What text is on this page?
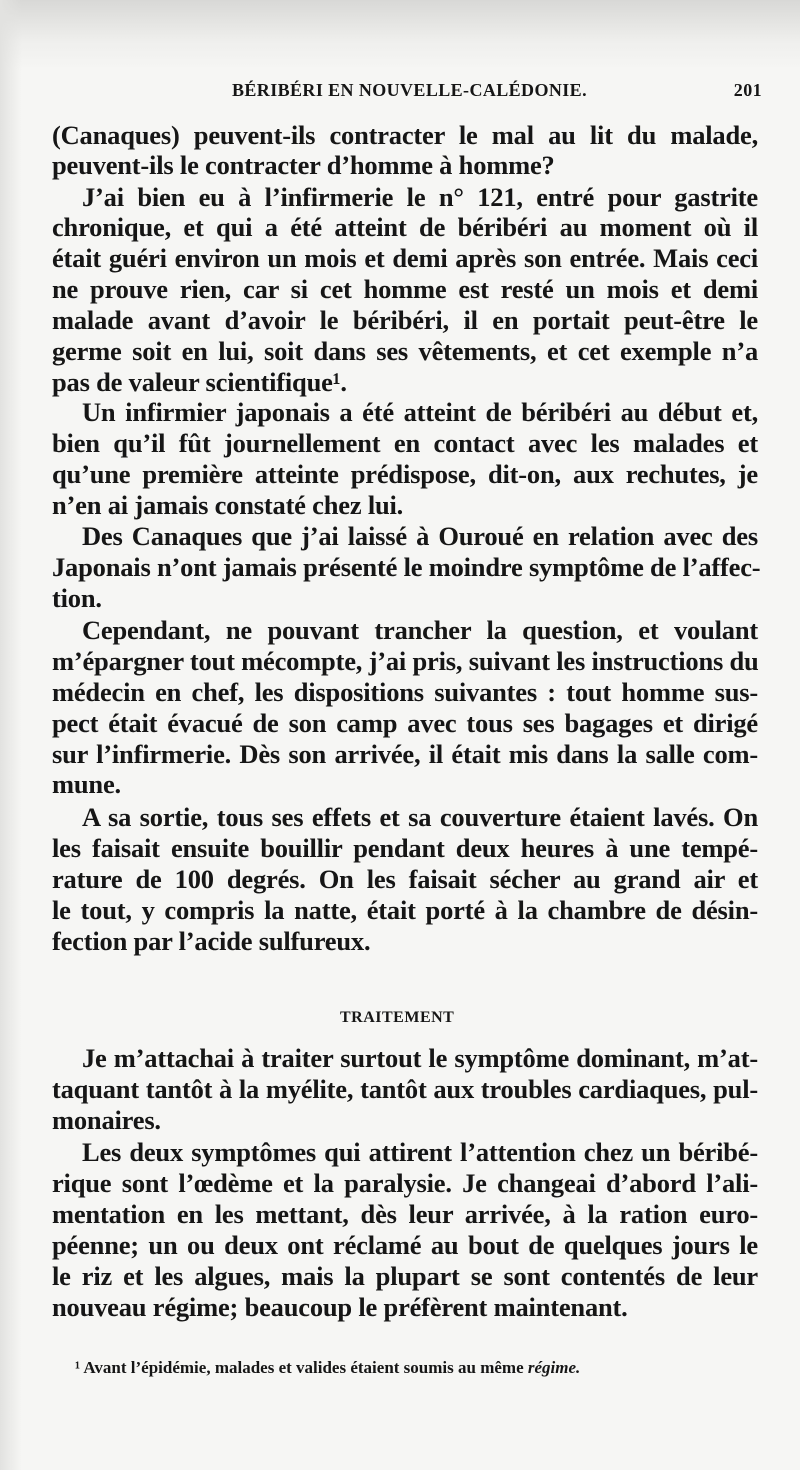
BÉRIBÉRI EN NOUVELLE-CALÉDONIE.	201
(Canaques) peuvent-ils contracter le mal au lit du malade,
peuvent-ils le contracter d’homme à homme?
J’ai bien eu à l’infirmerie le n° 121, entré pour gastrite
chronique, et qui a été atteint de béribéri au moment où il
était guéri environ un mois et demi après son entrée. Mais ceci
ne prouve rien, car si cet homme est resté un mois et demi
malade avant d’avoir le béribéri, il en portait peut-être le
germe soit en lui, soit dans ses vêtements, et cet exemple n’a
pas de valeur scientifique¹.
Un infirmier japonais a été atteint de béribéri au début et,
bien qu’il fût journellement en contact avec les malades et
qu’une première atteinte prédispose, dit-on, aux rechutes, je
n’en ai jamais constaté chez lui.
Des Canaques que j’ai laissé à Ouroué en relation avec des
Japonais n’ont jamais présenté le moindre symptôme de l’affec-
tion.
Cependant, ne pouvant trancher la question, et voulant
m’épargner tout mécompte, j’ai pris, suivant les instructions du
médecin en chef, les dispositions suivantes : tout homme sus-
pect était évacué de son camp avec tous ses bagages et dirigé
sur l’infirmerie. Dès son arrivée, il était mis dans la salle com-
mune.
A sa sortie, tous ses effets et sa couverture étaient lavés. On
les faisait ensuite bouillir pendant deux heures à une tempé-
rature de 100 degrés. On les faisait sécher au grand air et
le tout, y compris la natte, était porté à la chambre de désin-
fection par l’acide sulfureux.
TRAITEMENT
Je m’attachai à traiter surtout le symptôme dominant, m’at-
taquant tantôt à la myélite, tantôt aux troubles cardiaques, pul-
monaires.
Les deux symptômes qui attirent l’attention chez un béribé-
rique sont l’œdème et la paralysie. Je changeai d’abord l’ali-
mentation en les mettant, dès leur arrivée, à la ration euro-
péenne; un ou deux ont réclamé au bout de quelques jours le
le riz et les algues, mais la plupart se sont contentés de leur
nouveau régime; beaucoup le préfèrent maintenant.
¹ Avant l’épidémie, malades et valides étaient soumis au même régime.
